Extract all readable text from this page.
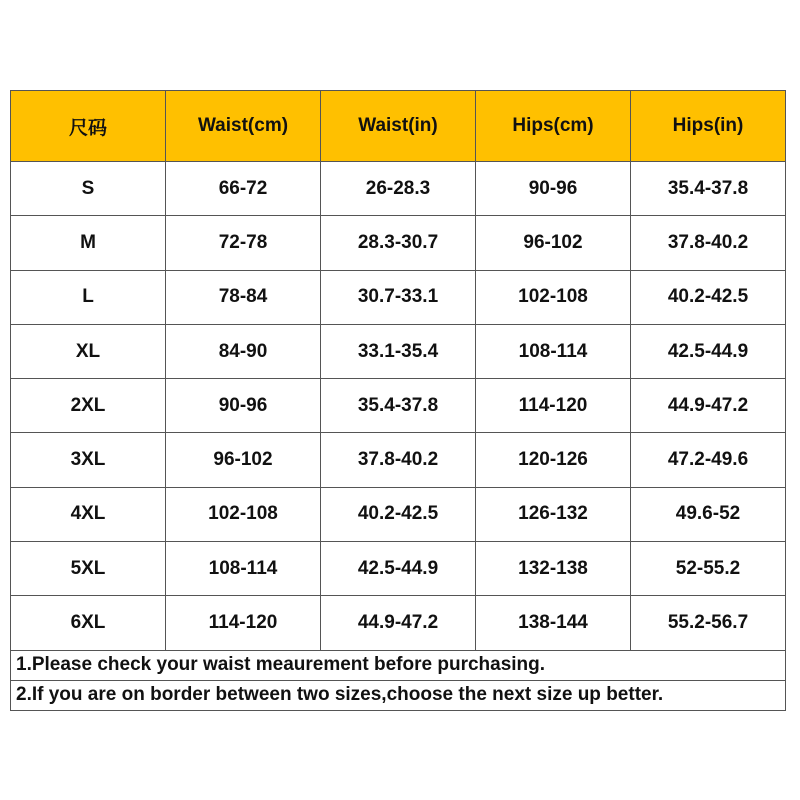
尺码	Waist(cm)	Waist(in)	Hips(cm)	Hips(in)
S	66-72	26-28.3	90-96	35.4-37.8
M	72-78	28.3-30.7	96-102	37.8-40.2
L	78-84	30.7-33.1	102-108	40.2-42.5
XL	84-90	33.1-35.4	108-114	42.5-44.9
2XL	90-96	35.4-37.8	114-120	44.9-47.2
3XL	96-102	37.8-40.2	120-126	47.2-49.6
4XL	102-108	40.2-42.5	126-132	49.6-52
5XL	108-114	42.5-44.9	132-138	52-55.2
6XL	114-120	44.9-47.2	138-144	55.2-56.7
1.Please check your waist meaurement before purchasing.				
2.If you are on border between two sizes,choose the next size up better.				
